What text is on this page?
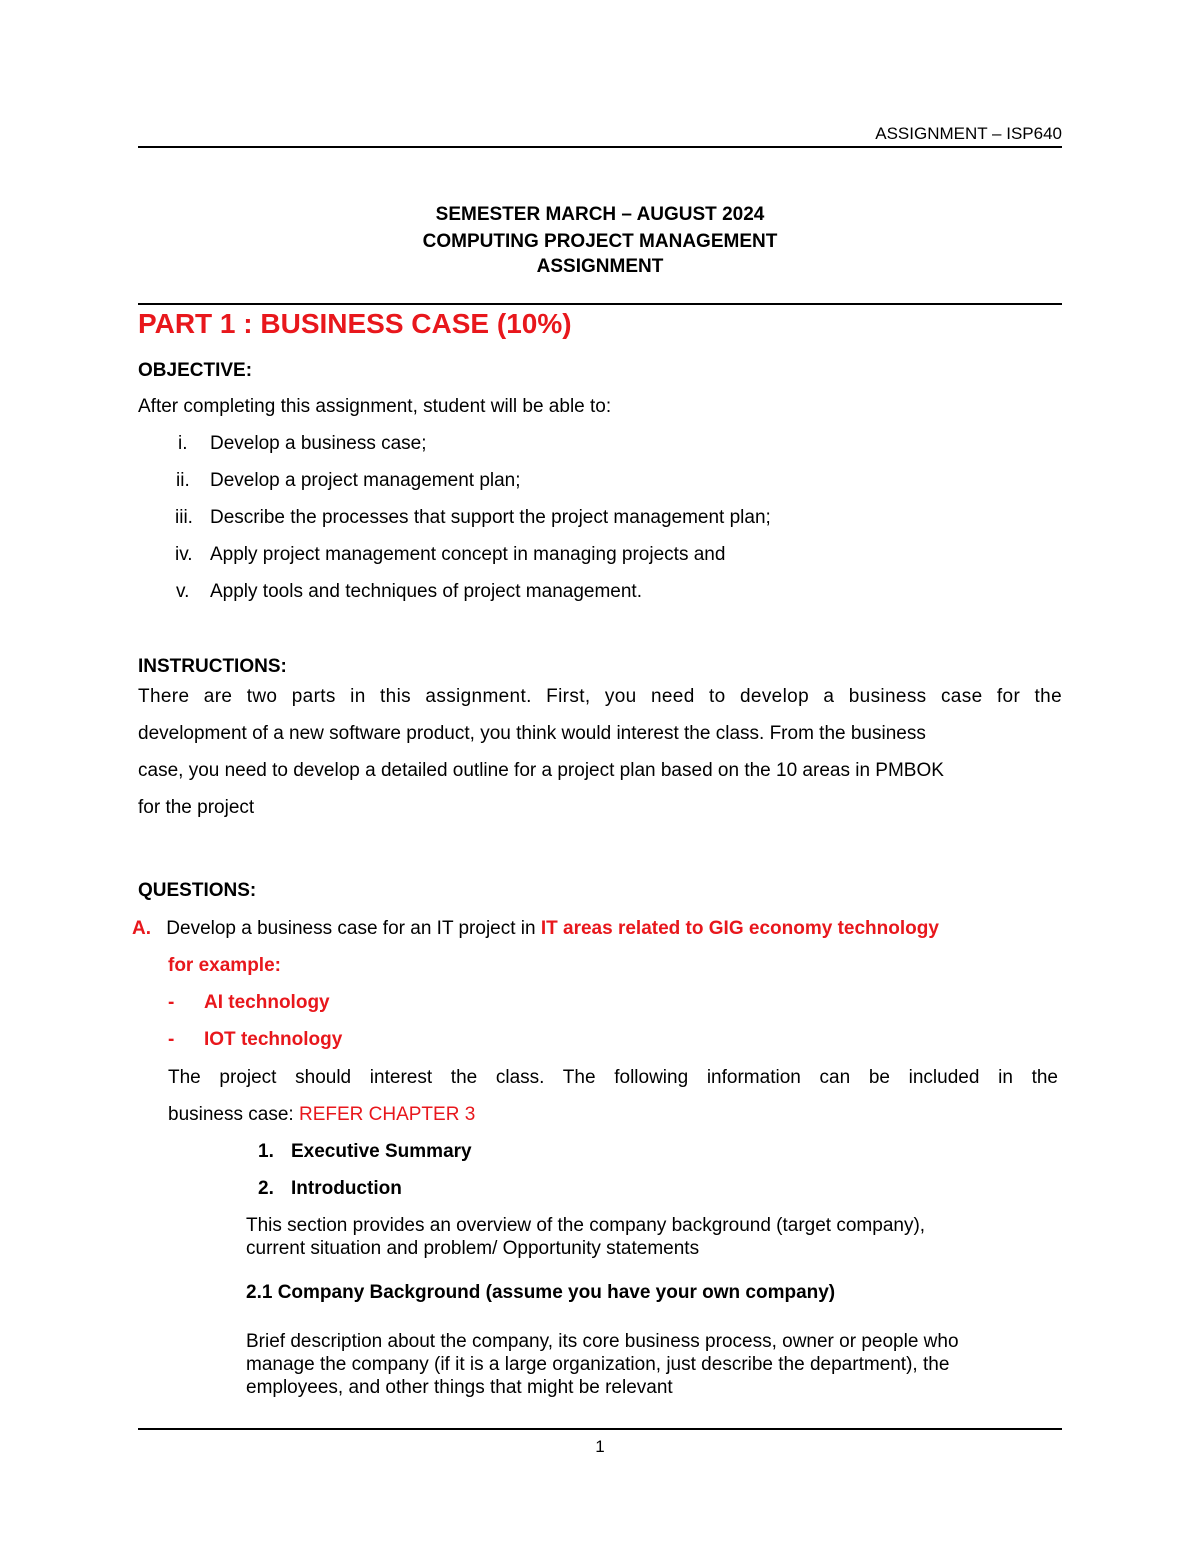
ASSIGNMENT – ISP640
SEMESTER MARCH – AUGUST 2024
COMPUTING PROJECT MANAGEMENT
ASSIGNMENT
PART 1 : BUSINESS CASE (10%)
OBJECTIVE:
After completing this assignment, student will be able to:
i.	Develop a business case;
ii. Develop a project management plan;
iii. Describe the processes that support the project management plan;
iv. Apply project management concept in managing projects and
v. Apply tools and techniques of project management.
INSTRUCTIONS:
There are two parts in this assignment. First, you need to develop a business case for the
development of a new software product, you think would interest the class. From the business
case, you need to develop a detailed outline for a project plan based on the 10 areas in PMBOK
for the project
QUESTIONS:
A. Develop a business case for an IT project in IT areas related to GIG economy technology
for example:
- AI technology
- IOT technology
The project should interest the class. The following information can be included in the
business case: REFER CHAPTER 3
1. Executive Summary
2. Introduction
This section provides an overview of the company background (target company),
current situation and problem/ Opportunity statements
2.1 Company Background (assume you have your own company)
Brief description about the company, its core business process, owner or people who
manage the company (if it is a large organization, just describe the department), the
employees, and other things that might be relevant
1
